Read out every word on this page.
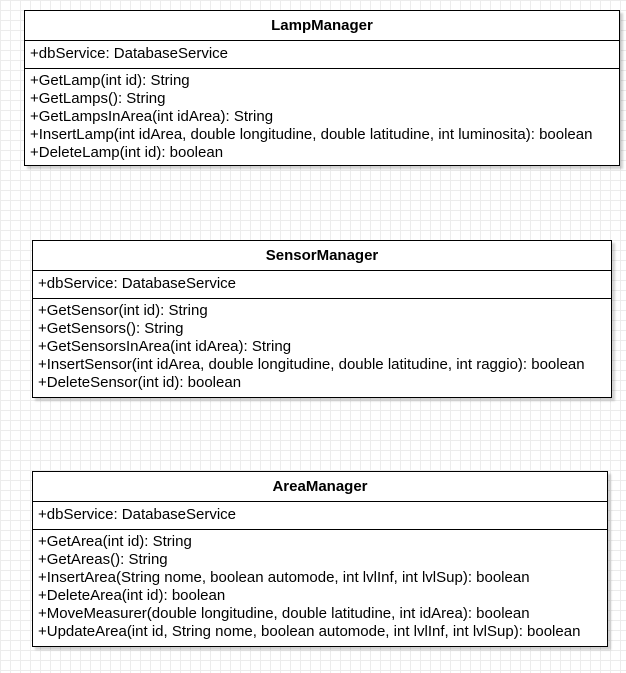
LampManager
+dbService: DatabaseService
+GetLamp(int id): String
+GetLamps(): String
+GetLampsInArea(int idArea): String
+InsertLamp(int idArea, double longitudine, double latitudine, int luminosita): boolean
+DeleteLamp(int id): boolean
SensorManager
+dbService: DatabaseService
+GetSensor(int id): String
+GetSensors(): String
+GetSensorsInArea(int idArea): String
+InsertSensor(int idArea, double longitudine, double latitudine, int raggio): boolean
+DeleteSensor(int id): boolean
AreaManager
+dbService: DatabaseService
+GetArea(int id): String
+GetAreas(): String
+InsertArea(String nome, boolean automode, int lvlInf, int lvlSup): boolean
+DeleteArea(int id): boolean
+MoveMeasurer(double longitudine, double latitudine, int idArea): boolean
+UpdateArea(int id, String nome, boolean automode, int lvlInf, int lvlSup): boolean
